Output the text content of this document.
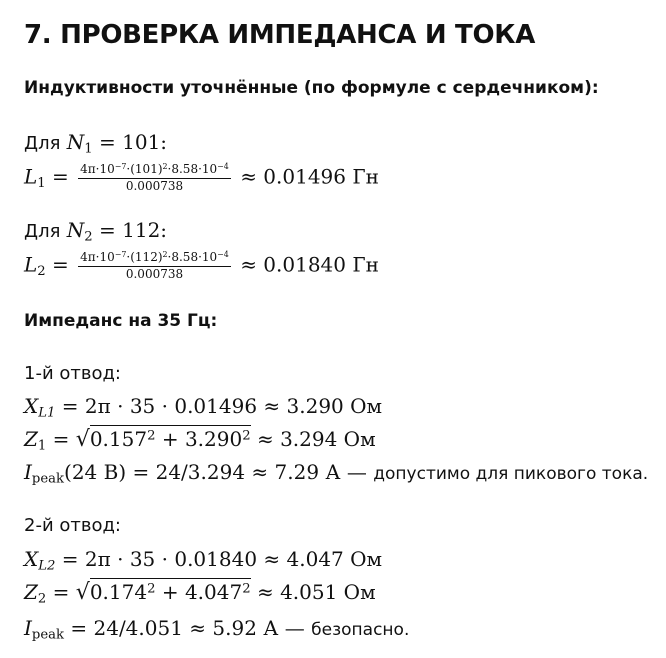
7. ПРОВЕРКА ИМПЕДАНСА И ТОКА
Индуктивности уточнённые (по формуле с сердечником):
Для $N_1 = 101$:
$L_1 = \frac{4\pi\cdot 10^{-7}\cdot(101)^2\cdot 8.58\cdot 10^{-4}}{0.000738} \approx 0.01496$ Гн
Для $N_2 = 112$:
$L_2 = \frac{4\pi\cdot 10^{-7}\cdot(112)^2\cdot 8.58\cdot 10^{-4}}{0.000738} \approx 0.01840$ Гн
Импеданс на 35 Гц:
1-й отвод:
XL1 = 2π · 35 · 0.01496 ≈ 3.290 Ом
$Z_1 = √0.157^2 + 3.290^2 \approx 3.294$ Ом
$I_{peak}(24$ В) = 24/3.294 ≈ 7.29 А — допустимо для пикового тока.
2-й отвод:
XL2 = 2π · 35 · 0.01840 ≈ 4.047 Ом
$Z_2 = √0.174^2 + 4.047^2 \approx 4.051$ Ом
$I_{peak} = 24/4.051 \approx 5.92$ А — безопасно.
